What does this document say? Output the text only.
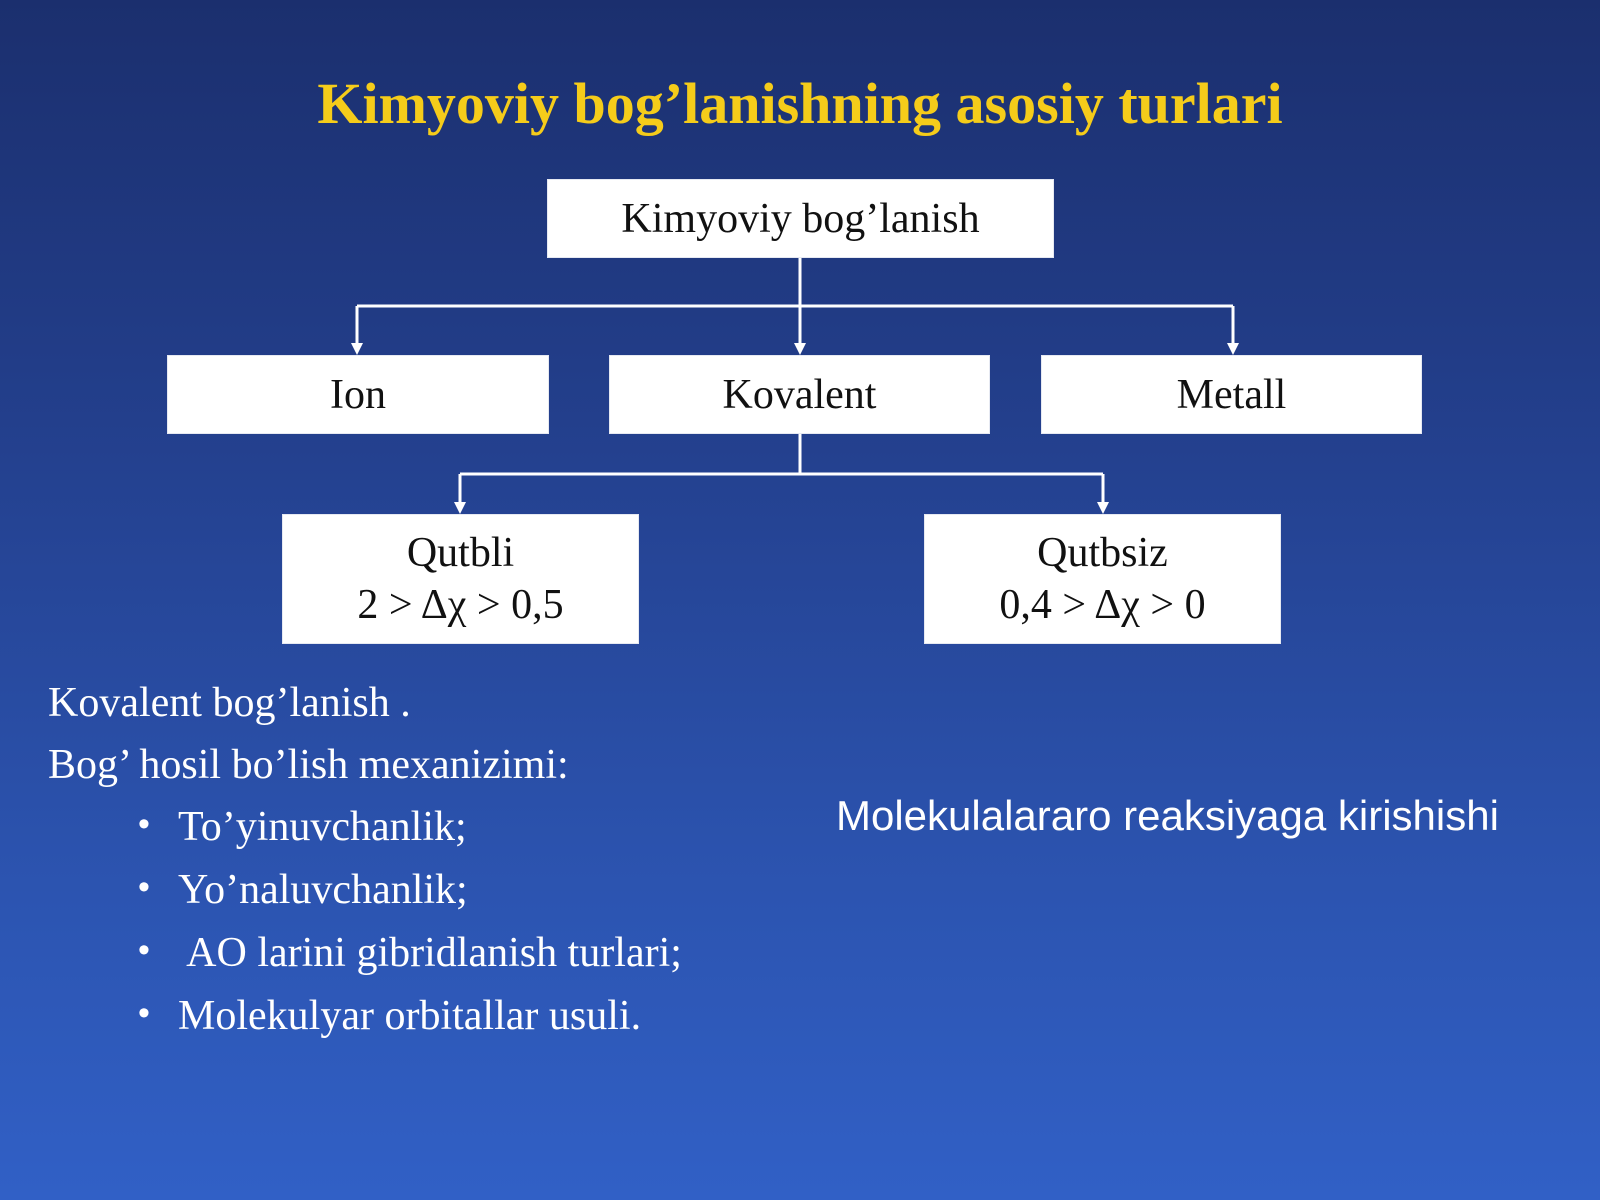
Kimyoviy bog’lanishning asosiy turlari
Kimyoviy bog’lanish
Ion	Kovalent	Metall
Qutbli
2 > Δχ > 0,5
Qutbsiz
0,4 > Δχ > 0
Kovalent bog’lanish .
Bog’ hosil bo’lish mexanizimi:
• To’yinuvchanlik;
• Yo’naluvchanlik;
• AO larini gibridlanish turlari;
• Molekulyar orbitallar usuli.
Molekulalararo reaksiyaga kirishishi
